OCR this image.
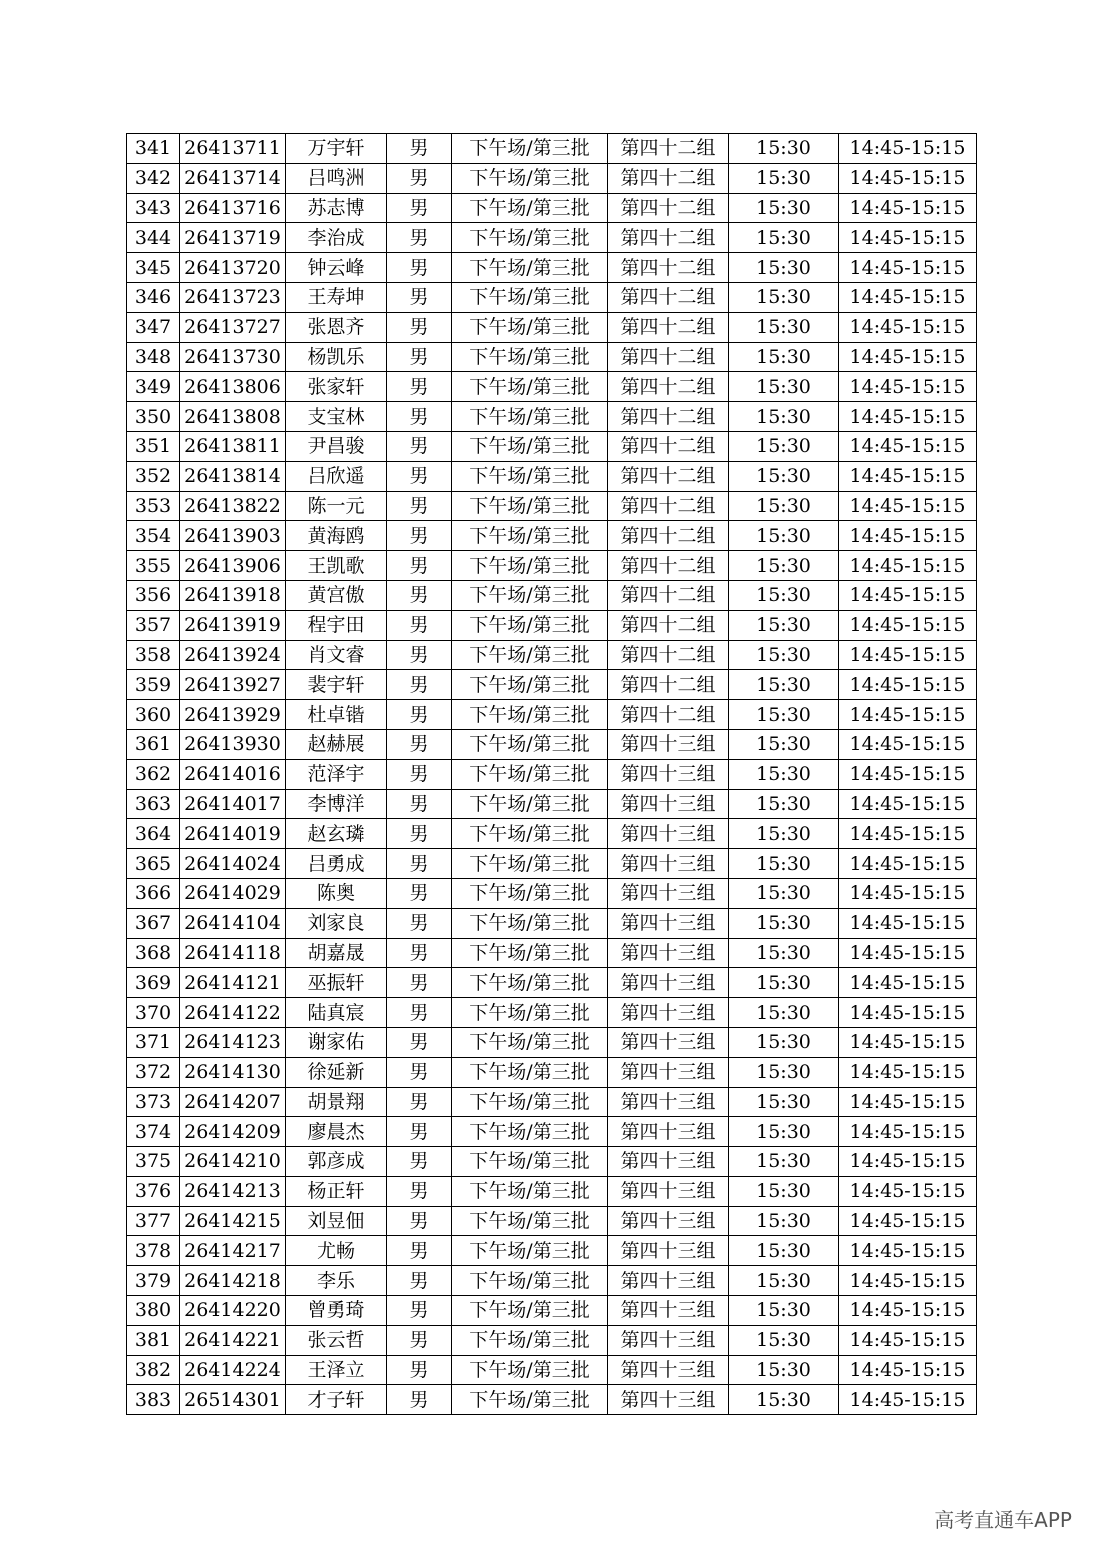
341	26413711	万宇轩	男	下午场/第三批	第四十二组	15:30	14:45-15:15
342	26413714	吕鸣洲	男	下午场/第三批	第四十二组	15:30	14:45-15:15
343	26413716	苏志博	男	下午场/第三批	第四十二组	15:30	14:45-15:15
344	26413719	李治成	男	下午场/第三批	第四十二组	15:30	14:45-15:15
345	26413720	钟云峰	男	下午场/第三批	第四十二组	15:30	14:45-15:15
346	26413723	王寿坤	男	下午场/第三批	第四十二组	15:30	14:45-15:15
347	26413727	张恩齐	男	下午场/第三批	第四十二组	15:30	14:45-15:15
348	26413730	杨凯乐	男	下午场/第三批	第四十二组	15:30	14:45-15:15
349	26413806	张家轩	男	下午场/第三批	第四十二组	15:30	14:45-15:15
350	26413808	支宝林	男	下午场/第三批	第四十二组	15:30	14:45-15:15
351	26413811	尹昌骏	男	下午场/第三批	第四十二组	15:30	14:45-15:15
352	26413814	吕欣遥	男	下午场/第三批	第四十二组	15:30	14:45-15:15
353	26413822	陈一元	男	下午场/第三批	第四十二组	15:30	14:45-15:15
354	26413903	黄海鸥	男	下午场/第三批	第四十二组	15:30	14:45-15:15
355	26413906	王凯歌	男	下午场/第三批	第四十二组	15:30	14:45-15:15
356	26413918	黄宫傲	男	下午场/第三批	第四十二组	15:30	14:45-15:15
357	26413919	程宇田	男	下午场/第三批	第四十二组	15:30	14:45-15:15
358	26413924	肖文睿	男	下午场/第三批	第四十二组	15:30	14:45-15:15
359	26413927	裴宇轩	男	下午场/第三批	第四十二组	15:30	14:45-15:15
360	26413929	杜卓锴	男	下午场/第三批	第四十二组	15:30	14:45-15:15
361	26413930	赵赫展	男	下午场/第三批	第四十三组	15:30	14:45-15:15
362	26414016	范泽宇	男	下午场/第三批	第四十三组	15:30	14:45-15:15
363	26414017	李博洋	男	下午场/第三批	第四十三组	15:30	14:45-15:15
364	26414019	赵玄璘	男	下午场/第三批	第四十三组	15:30	14:45-15:15
365	26414024	吕勇成	男	下午场/第三批	第四十三组	15:30	14:45-15:15
366	26414029	陈奥	男	下午场/第三批	第四十三组	15:30	14:45-15:15
367	26414104	刘家良	男	下午场/第三批	第四十三组	15:30	14:45-15:15
368	26414118	胡嘉晟	男	下午场/第三批	第四十三组	15:30	14:45-15:15
369	26414121	巫振轩	男	下午场/第三批	第四十三组	15:30	14:45-15:15
370	26414122	陆真宸	男	下午场/第三批	第四十三组	15:30	14:45-15:15
371	26414123	谢家佑	男	下午场/第三批	第四十三组	15:30	14:45-15:15
372	26414130	徐延新	男	下午场/第三批	第四十三组	15:30	14:45-15:15
373	26414207	胡景翔	男	下午场/第三批	第四十三组	15:30	14:45-15:15
374	26414209	廖晨杰	男	下午场/第三批	第四十三组	15:30	14:45-15:15
375	26414210	郭彦成	男	下午场/第三批	第四十三组	15:30	14:45-15:15
376	26414213	杨正轩	男	下午场/第三批	第四十三组	15:30	14:45-15:15
377	26414215	刘昱佃	男	下午场/第三批	第四十三组	15:30	14:45-15:15
378	26414217	尤畅	男	下午场/第三批	第四十三组	15:30	14:45-15:15
379	26414218	李乐	男	下午场/第三批	第四十三组	15:30	14:45-15:15
380	26414220	曾勇琦	男	下午场/第三批	第四十三组	15:30	14:45-15:15
381	26414221	张云哲	男	下午场/第三批	第四十三组	15:30	14:45-15:15
382	26414224	王泽立	男	下午场/第三批	第四十三组	15:30	14:45-15:15
383	26514301	才子轩	男	下午场/第三批	第四十三组	15:30	14:45-15:15
高考直通车APP
